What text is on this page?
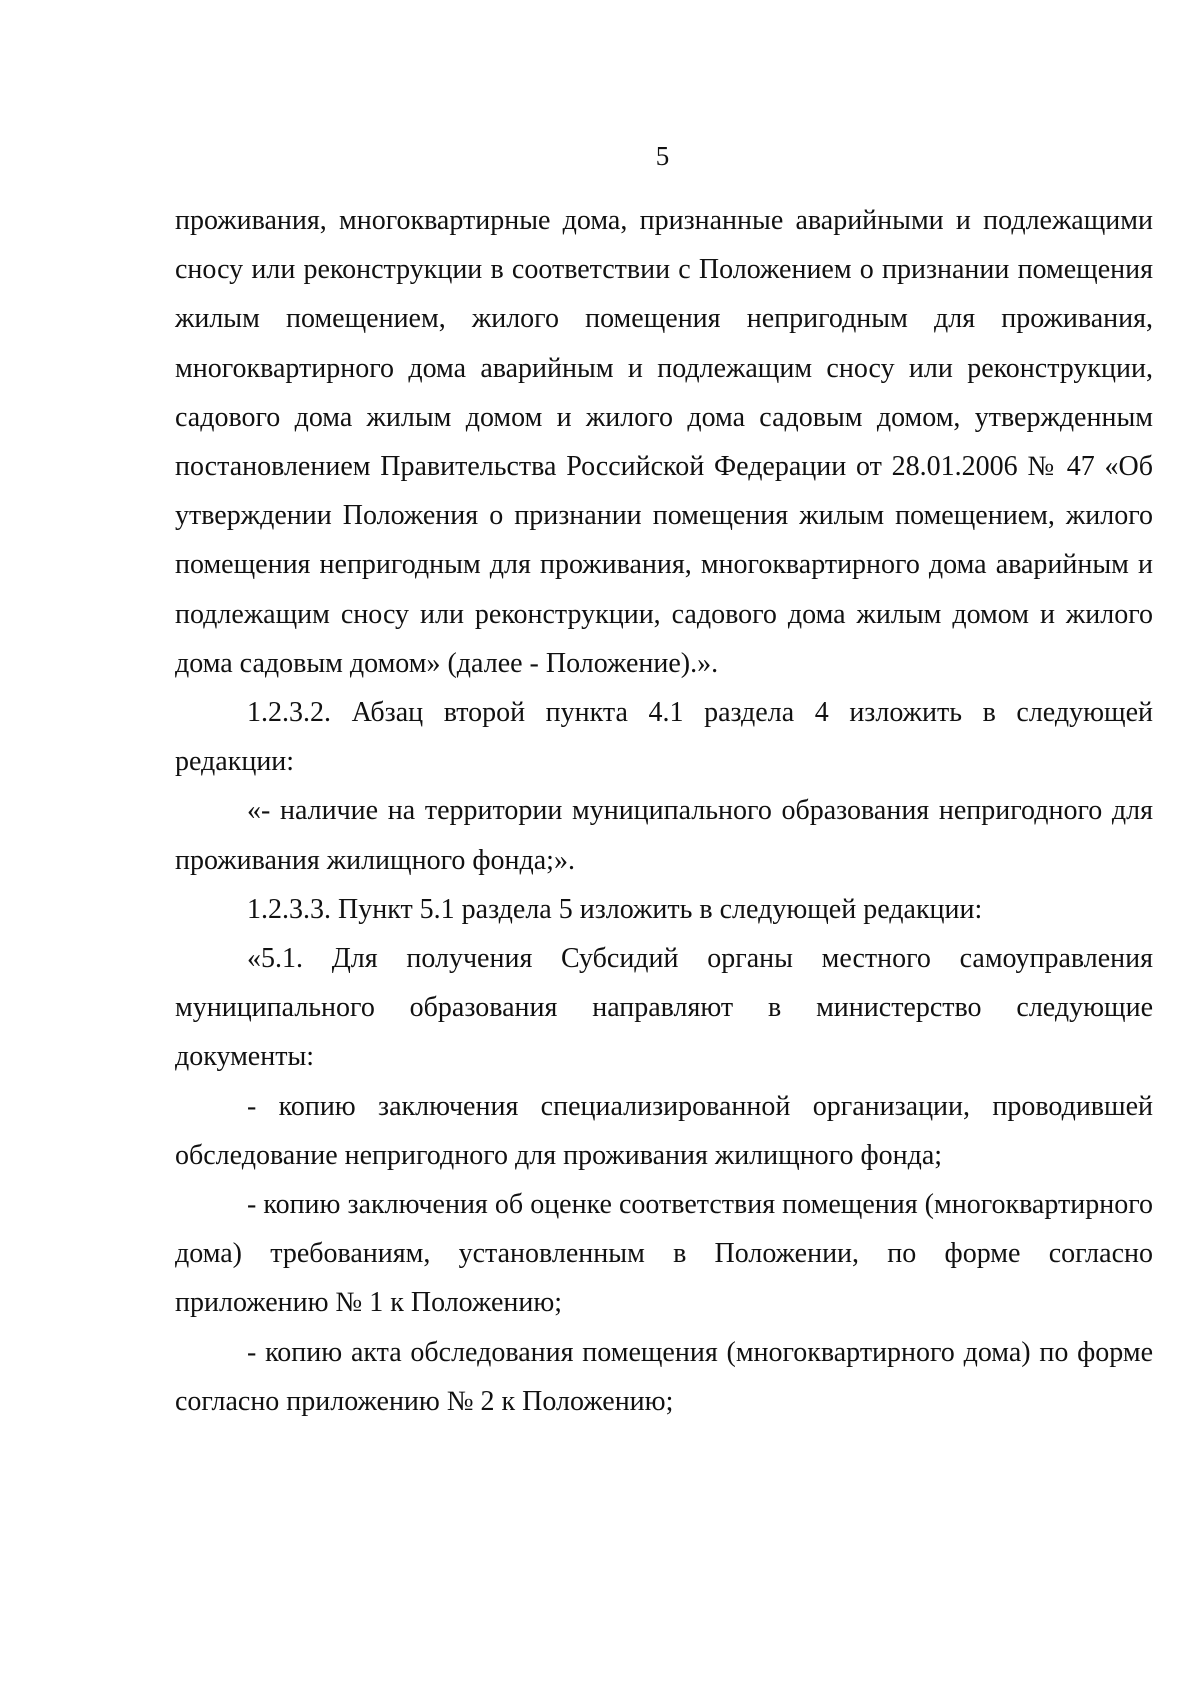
5

проживания, многоквартирные дома, признанные аварийными и подлежащими сносу или реконструкции в соответствии с Положением о признании помещения жилым помещением, жилого помещения непригодным для проживания, многоквартирного дома аварийным и подлежащим сносу или реконструкции, садового дома жилым домом и жилого дома садовым домом, утвержденным постановлением Правительства Российской Федерации от 28.01.2006 № 47 «Об утверждении Положения о признании помещения жилым помещением, жилого помещения непригодным для проживания, многоквартирного дома аварийным и подлежащим сносу или реконструкции, садового дома жилым домом и жилого дома садовым домом» (далее - Положение).».

1.2.3.2. Абзац второй пункта 4.1 раздела 4 изложить в следующей редакции:

«- наличие на территории муниципального образования непригодного для проживания жилищного фонда;».

1.2.3.3. Пункт 5.1 раздела 5 изложить в следующей редакции:

«5.1. Для получения Субсидий органы местного самоуправления муниципального образования направляют в министерство следующие документы:

- копию заключения специализированной организации, проводившей обследование непригодного для проживания жилищного фонда;

- копию заключения об оценке соответствия помещения (многоквартирного дома) требованиям, установленным в Положении, по форме согласно приложению № 1 к Положению;

- копию акта обследования помещения (многоквартирного дома) по форме согласно приложению № 2 к Положению;
